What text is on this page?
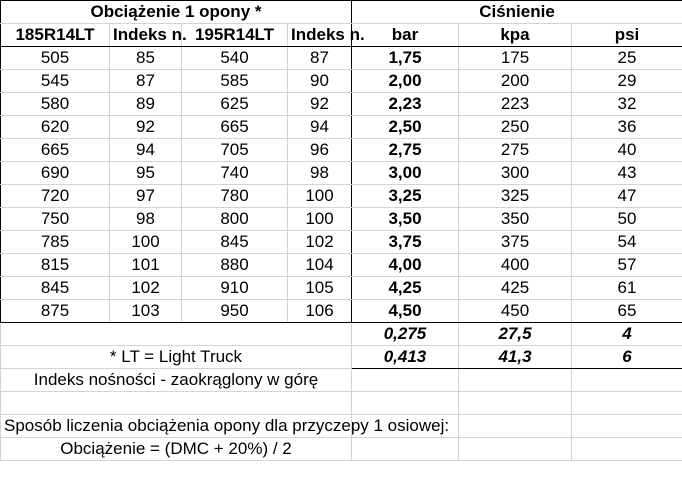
Obciążenie 1 opony *				Ciśnienie		
185R14LT	Indeks n.	195R14LT	Indeks n.	bar	kpa	psi
505	85	540	87	1,75	175	25
545	87	585	90	2,00	200	29
580	89	625	92	2,23	223	32
620	92	665	94	2,50	250	36
665	94	705	96	2,75	275	40
690	95	740	98	3,00	300	43
720	97	780	100	3,25	325	47
750	98	800	100	3,50	350	50
785	100	845	102	3,75	375	54
815	101	880	104	4,00	400	57
845	102	910	105	4,25	425	61
875	103	950	106	4,50	450	65
				0,275	27,5	4
* LT = Light Truck				0,413	41,3	6
Indeks nośności - zaokrąglony w górę						

Sposób liczenia obciążenia opony dla przyczepy 1 osiowej:						
Obciążenie = (DMC + 20%) / 2						
